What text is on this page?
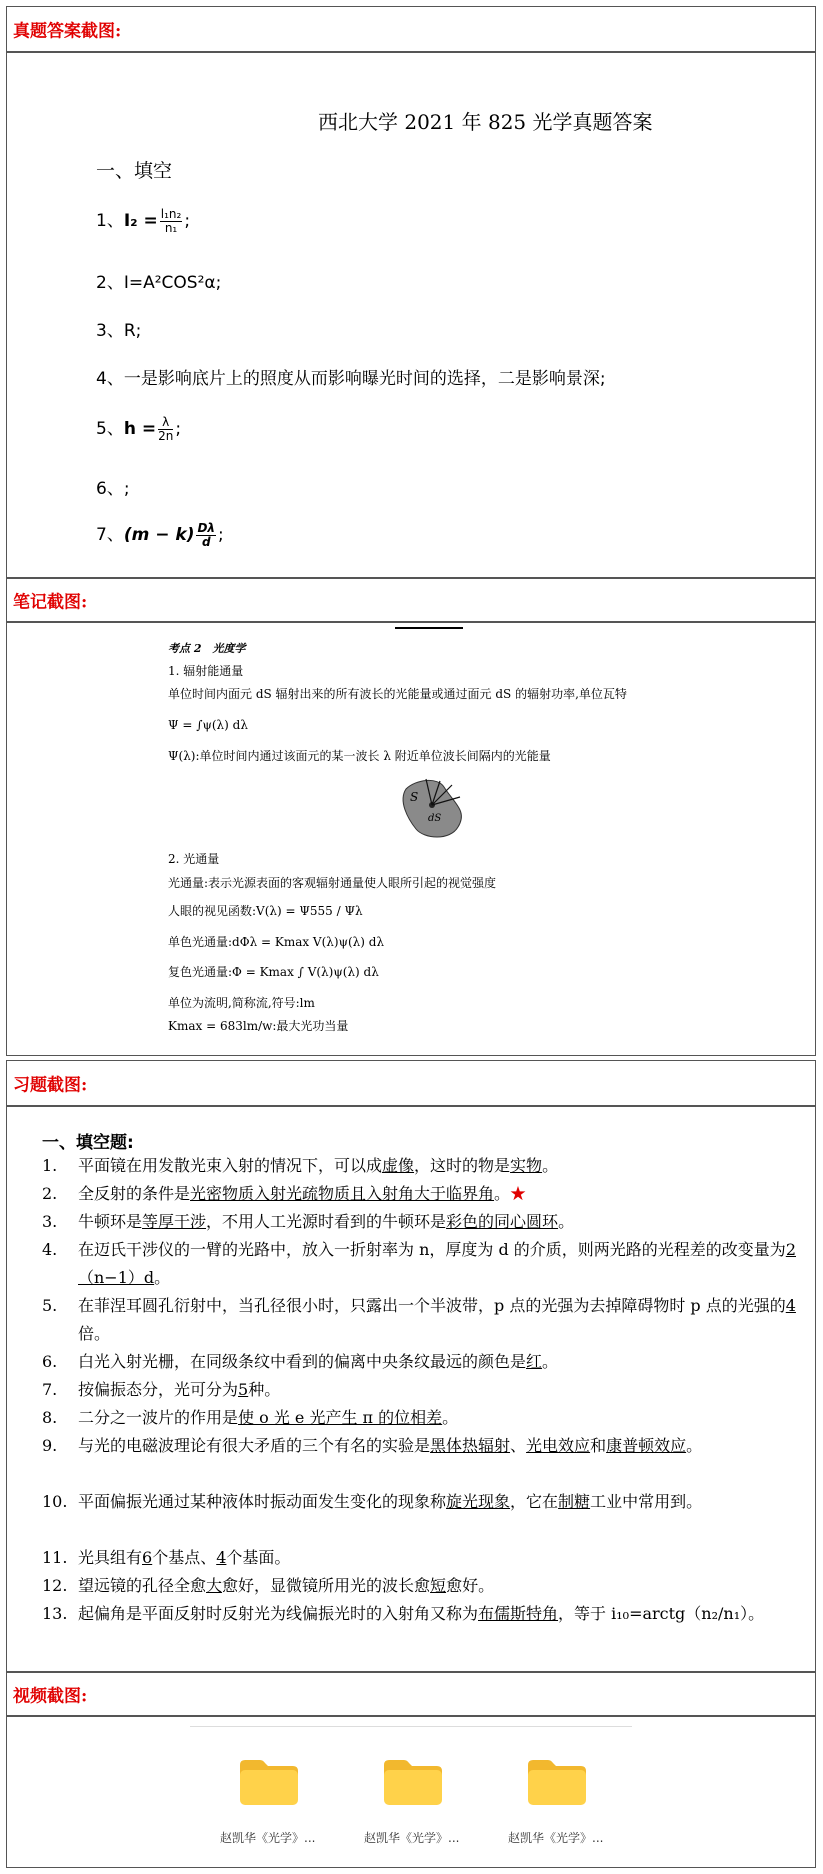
真题答案截图:
西北大学 2021 年 825 光学真题答案
一、填空
1、$I_2 = \frac{\text{l₁n₂}}{\text{n₁}}$ ;
2、I=A²COS²α;
3、R;
4、一是影响底片上的照度从而影响曝光时间的选择，二是影响景深;
5、$h = \frac{\lambda}{2n}$ ;
6、;
7、$(m - k) \frac{D\lambda}{d}$ ;
笔记截图:
考点 2　光度学
1. 辐射能通量
单位时间内面元 dS 辐射出来的所有波长的光能量或通过面元 dS 的辐射功率,单位瓦特
Ψ = ∫ψ(λ) dλ
Ψ(λ):单位时间内通过该面元的某一波长 λ 附近单位波长间隔内的光能量
2. 光通量
光通量:表示光源表面的客观辐射通量使人眼所引起的视觉强度
人眼的视见函数:V(λ) = Ψ555 / Ψλ
单色光通量:dΦλ = Kmax V(λ)ψ(λ) dλ
复色光通量:Φ = Kmax ∫ V(λ)ψ(λ) dλ
单位为流明,简称流,符号:lm
Kmax = 683lm/w:最大光功当量
S
dS
习题截图:
一、填空题:
1.	平面镜在用发散光束入射的情况下，可以成虚像，这时的物是实物。
2.	全反射的条件是光密物质入射光疏物质且入射角大于临界角。★
3.	牛顿环是等厚干涉，不用人工光源时看到的牛顿环是彩色的同心圆环。
4.	在迈氏干涉仪的一臂的光路中，放入一折射率为 n，厚度为 d 的介质，则两光路的光程差的改变量为2（n−1）d。
5.	在菲涅耳圆孔衍射中，当孔径很小时，只露出一个半波带，p 点的光强为去掉障碍物时 p 点的光强的4倍。
6.	白光入射光栅，在同级条纹中看到的偏离中央条纹最远的颜色是红。
7.	按偏振态分，光可分为5种。
8.	二分之一波片的作用是使 o 光 e 光产生 π 的位相差。
9.	与光的电磁波理论有很大矛盾的三个有名的实验是黑体热辐射、光电效应和康普顿效应。
10. 平面偏振光通过某种液体时振动面发生变化的现象称旋光现象，它在制糖工业中常用到。
11. 光具组有6个基点、4个基面。
12. 望远镜的孔径全愈大愈好，显微镜所用光的波长愈短愈好。
13. 起偏角是平面反射时反射光为线偏振光时的入射角又称为布儒斯特角，等于 i₁₀=arctg（n₂/n₁）。
视频截图:
赵凯华《光学》...	赵凯华《光学》...	赵凯华《光学》...
